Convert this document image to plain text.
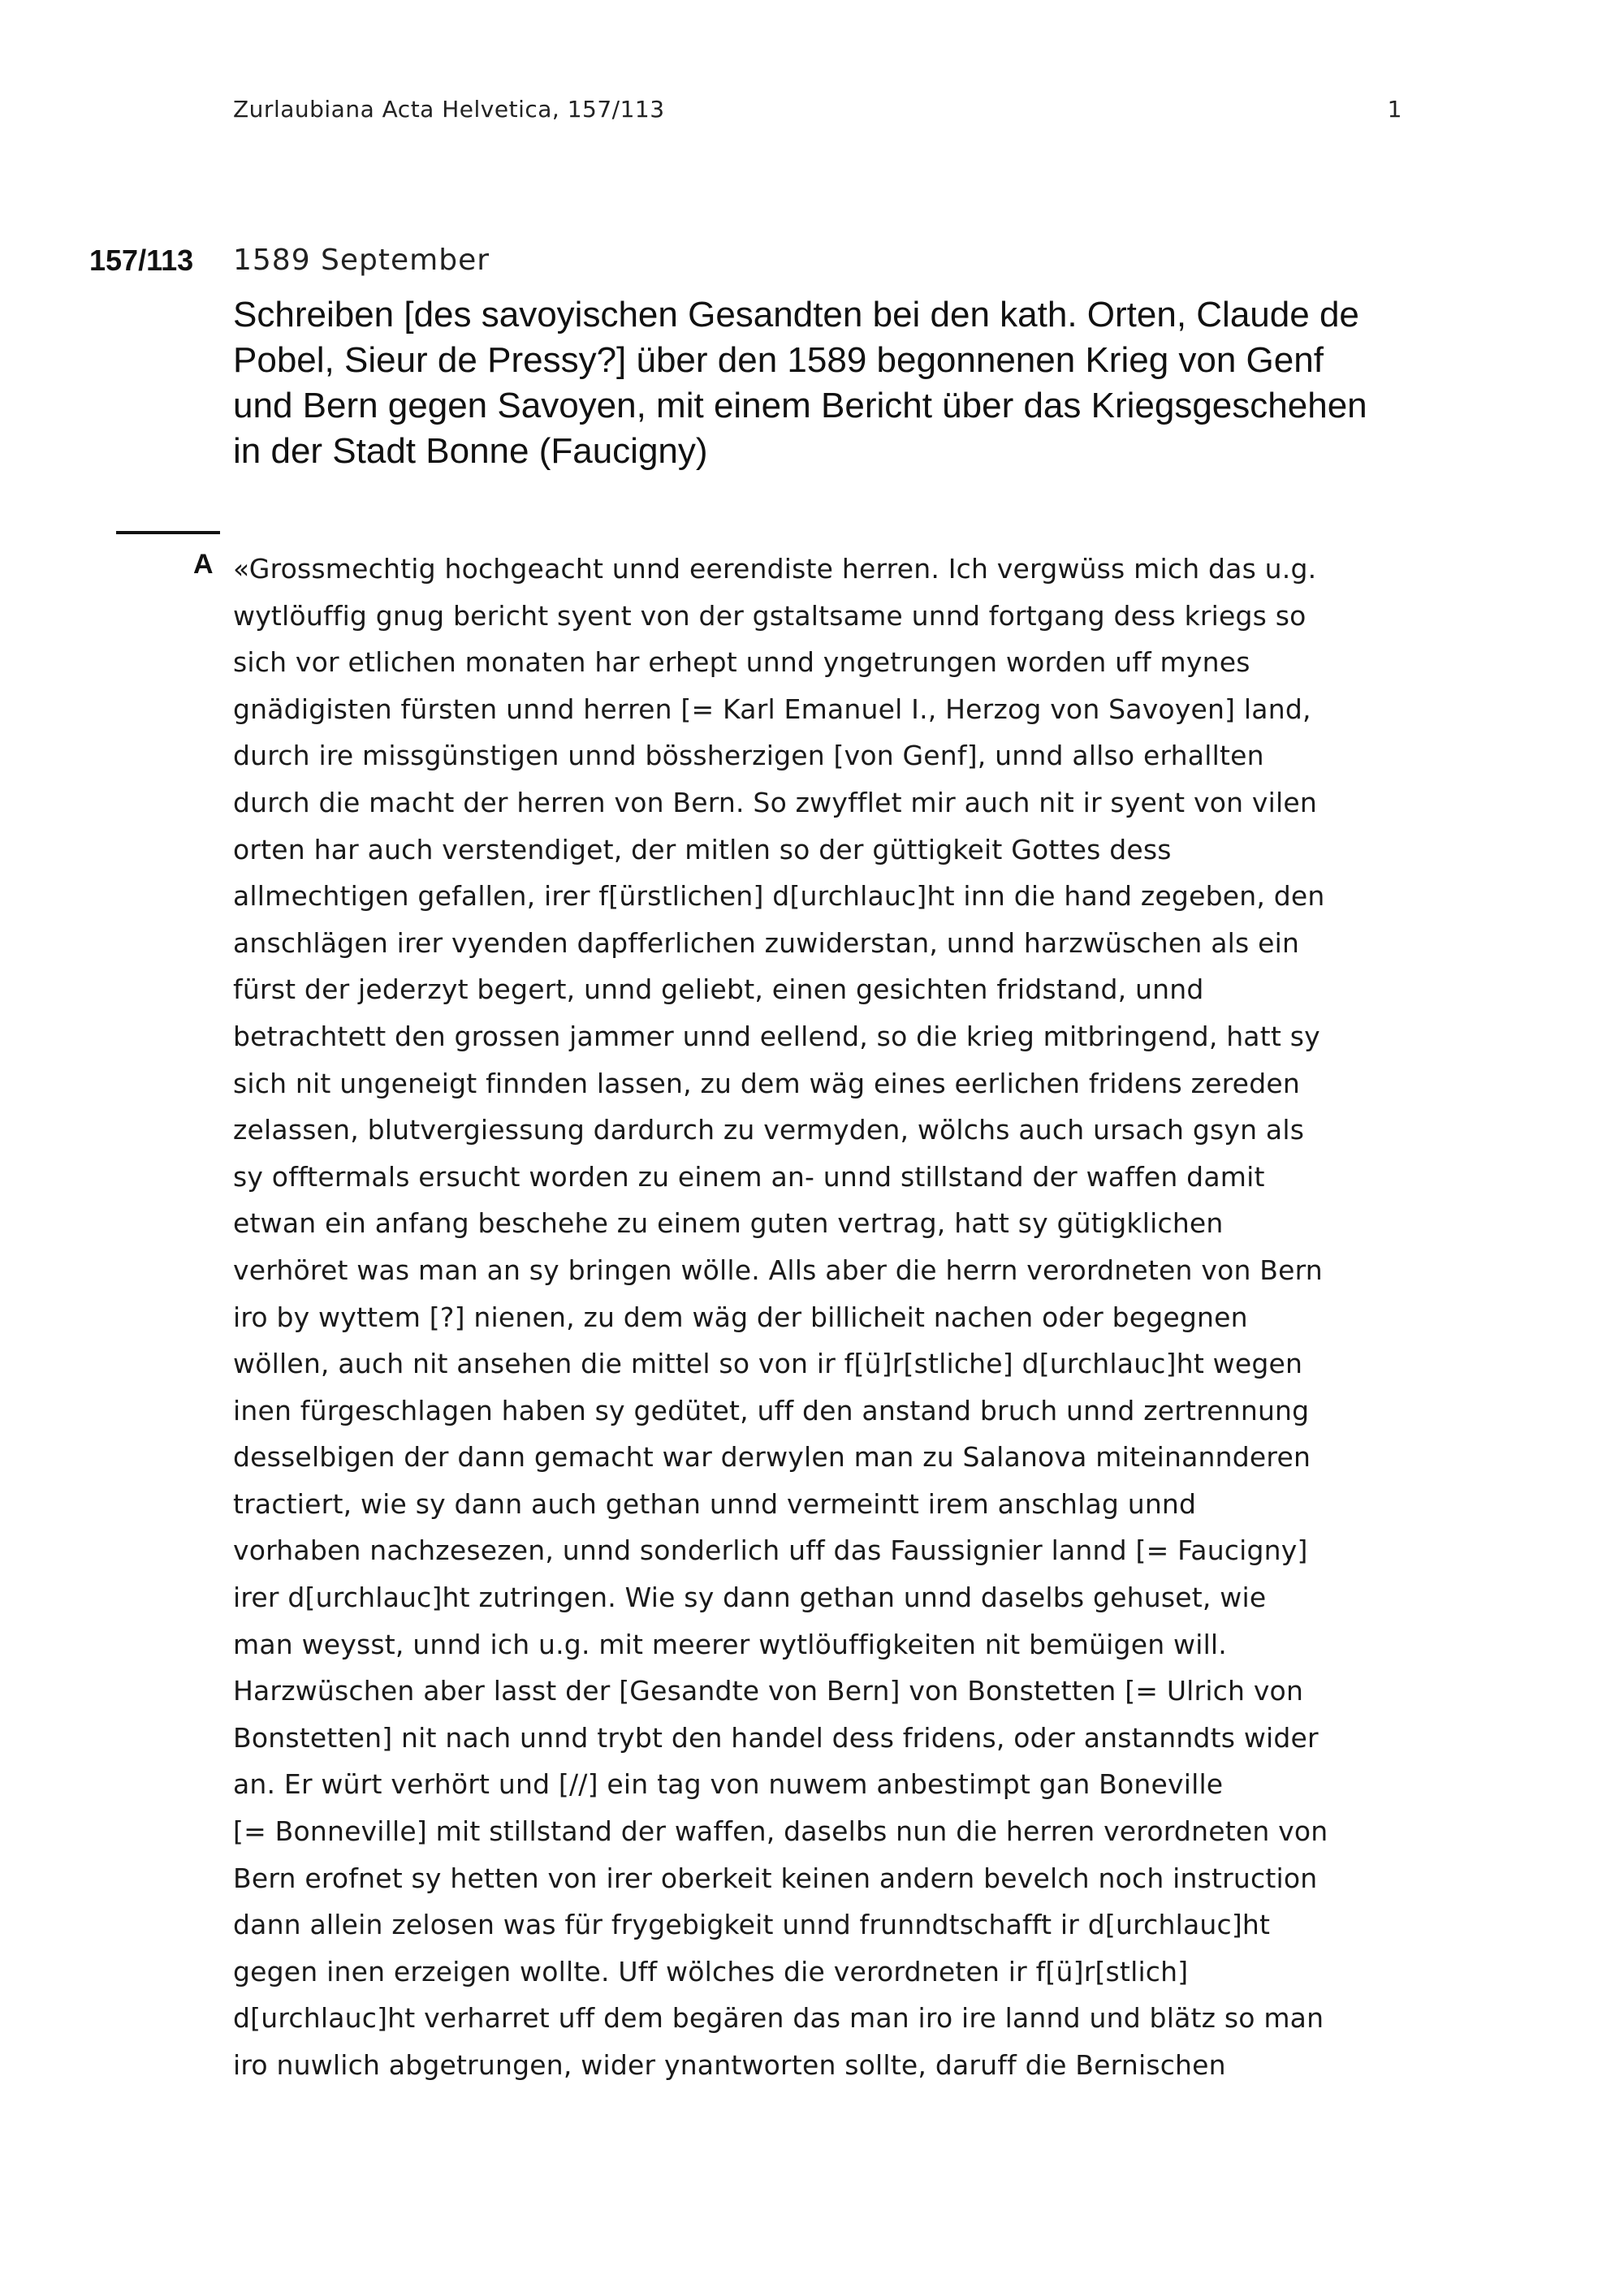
Zurlaubiana Acta Helvetica, 157/113	1
157/113 1589 September
Schreiben [des savoyischen Gesandten bei den kath. Orten, Claude de Pobel, Sieur de Pressy?] über den 1589 begonnenen Krieg von Genf und Bern gegen Savoyen, mit einem Bericht über das Kriegsgeschehen in der Stadt Bonne (Faucigny)
A «Grossmechtig hochgeacht unnd eerendiste herren. Ich vergwüss mich das u.g.
wytlöuffig gnug bericht syent von der gstaltsame unnd fortgang dess kriegs so
sich vor etlichen monaten har erhept unnd yngetrungen worden uff mynes
gnädigisten fürsten unnd herren [= Karl Emanuel I., Herzog von Savoyen] land,
durch ire missgünstigen unnd bössherzigen [von Genf], unnd allso erhallten
durch die macht der herren von Bern. So zwyfflet mir auch nit ir syent von vilen
orten har auch verstendiget, der mitlen so der güttigkeit Gottes dess
allmechtigen gefallen, irer f[ürstlichen] d[urchlauc]ht inn die hand zegeben, den
anschlägen irer vyenden dapfferlichen zuwiderstan, unnd harzwüschen als ein
fürst der jederzyt begert, unnd geliebt, einen gesichten fridstand, unnd
betrachtett den grossen jammer unnd eellend, so die krieg mitbringend, hatt sy
sich nit ungeneigt finnden lassen, zu dem wäg eines eerlichen fridens zereden
zelassen, blutvergiessung dardurch zu vermyden, wölchs auch ursach gsyn als
sy offtermals ersucht worden zu einem an- unnd stillstand der waffen damit
etwan ein anfang beschehe zu einem guten vertrag, hatt sy gütigklichen
verhöret was man an sy bringen wölle. Alls aber die herrn verordneten von Bern
iro by wyttem [?] nienen, zu dem wäg der billicheit nachen oder begegnen
wöllen, auch nit ansehen die mittel so von ir f[ü]r[stliche] d[urchlauc]ht wegen
inen fürgeschlagen haben sy gedütet, uff den anstand bruch unnd zertrennung
desselbigen der dann gemacht war derwylen man zu Salanova miteinannderen
tractiert, wie sy dann auch gethan unnd vermeintt irem anschlag unnd
vorhaben nachzesezen, unnd sonderlich uff das Faussignier lannd [= Faucigny]
irer d[urchlauc]ht zutringen. Wie sy dann gethan unnd daselbs gehuset, wie
man weysst, unnd ich u.g. mit meerer wytlöuffigkeiten nit bemüigen will.
Harzwüschen aber lasst der [Gesandte von Bern] von Bonstetten [= Ulrich von
Bonstetten] nit nach unnd trybt den handel dess fridens, oder anstanndts wider
an. Er würt verhört und [//] ein tag von nuwem anbestimpt gan Boneville
[= Bonneville] mit stillstand der waffen, daselbs nun die herren verordneten von
Bern erofnet sy hetten von irer oberkeit keinen andern bevelch noch instruction
dann allein zelosen was für frygebigkeit unnd frunndtschafft ir d[urchlauc]ht
gegen inen erzeigen wollte. Uff wölches die verordneten ir f[ü]r[stlich]
d[urchlauc]ht verharret uff dem begären das man iro ire lannd und blätz so man
iro nuwlich abgetrungen, wider ynantworten sollte, daruff die Bernischen
